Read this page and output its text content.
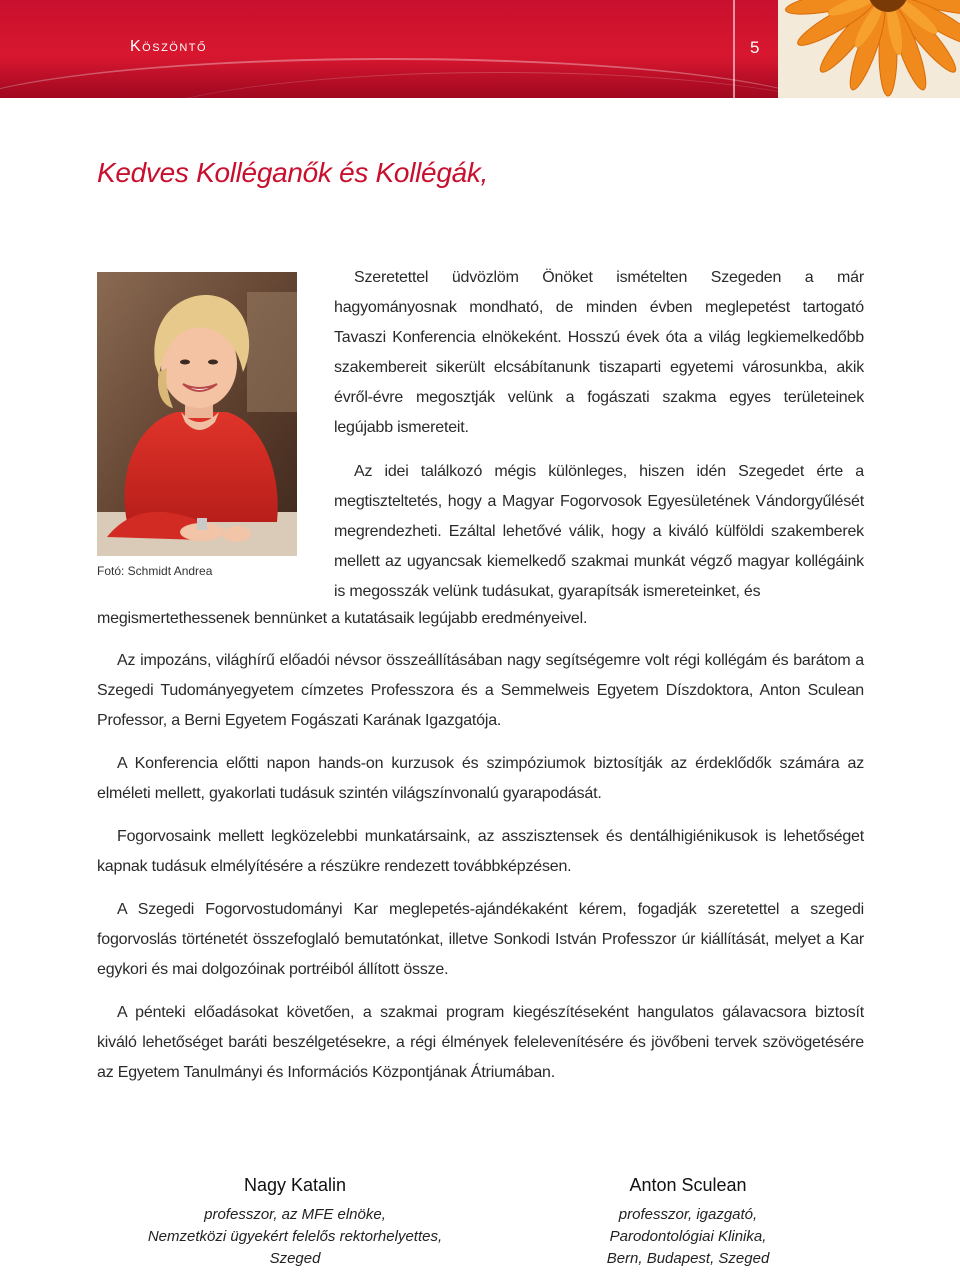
Köszöntő	5
Kedves Kolléganők és Kollégák,
Fotó: Schmidt Andrea

Szeretettel üdvözlöm Önöket ismételten Szegeden a már hagyományosnak mondható, de minden évben meglepetést tartogató Tavaszi Konferencia elnökeként. Hosszú évek óta a világ legkiemelkedőbb szakembereit sikerült elcsábítanunk tiszaparti egyetemi városunkba, akik évről-évre megosztják velünk a fogászati szakma egyes területeinek legújabb ismereteit.

Az idei találkozó mégis különleges, hiszen idén Szegedet érte a megtiszteltetés, hogy a Magyar Fogorvosok Egyesületének Vándorgyűlését megrendezheti. Ezáltal lehetővé válik, hogy a kiváló külföldi szakemberek mellett az ugyancsak kiemelkedő szakmai munkát végző magyar kollégáink is megosszák velünk tudásukat, gyarapítsák ismereteinket, és

megismertethessenek bennünket a kutatásaik legújabb eredményeivel.

Az impozáns, világhírű előadói névsor összeállításában nagy segítségemre volt régi kollégám és barátom a Szegedi Tudományegyetem címzetes Professzora és a Semmelweis Egyetem Díszdoktora, Anton Sculean Professor, a Berni Egyetem Fogászati Karának Igazgatója.

A Konferencia előtti napon hands-on kurzusok és szimpóziumok biztosítják az érdeklődők számára az elméleti mellett, gyakorlati tudásuk szintén világszínvonalú gyarapodását.

Fogorvosaink mellett legközelebbi munkatársaink, az asszisztensek és dentálhigiénikusok is lehetőséget kapnak tudásuk elmélyítésére a részükre rendezett továbbképzésen.

A Szegedi Fogorvostudományi Kar meglepetés-ajándékaként kérem, fogadják szeretettel a szegedi fogorvoslás történetét összefoglaló bemutatónkat, illetve Sonkodi István Professzor úr kiállítását, melyet a Kar egykori és mai dolgozóinak portréiból állított össze.

A pénteki előadásokat követően, a szakmai program kiegészítéseként hangulatos gálavacsora biztosít kiváló lehetőséget baráti beszélgetésekre, a régi élmények felelevenítésére és jövőbeni tervek szövögetésére az Egyetem Tanulmányi és Információs Központjának Átriumában.

Nagy Katalin
professzor, az MFE elnöke,
Nemzetközi ügyekért felelős rektorhelyettes,
Szeged
Anton Sculean
professzor, igazgató,
Parodontológiai Klinika,
Bern, Budapest, Szeged
